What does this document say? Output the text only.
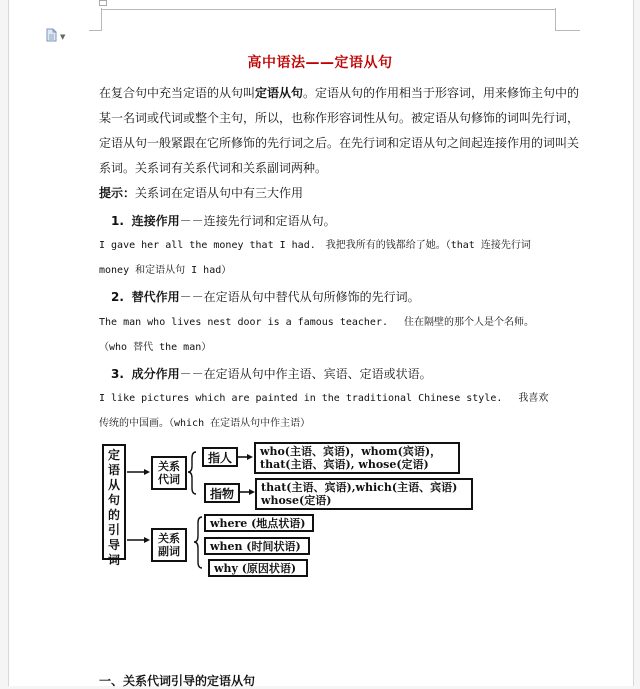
▼
高中语法——定语从句
在复合句中充当定语的从句叫定语从句。定语从句的作用相当于形容词，用来修饰主句中的
某一名词或代词或整个主句，所以，也称作形容词性从句。被定语从句修饰的词叫先行词，
定语从句一般紧跟在它所修饰的先行词之后。在先行词和定语从句之间起连接作用的词叫关
系词。关系词有关系代词和关系副词两种。
提示：关系词在定语从句中有三大作用
1. 连接作用－－连接先行词和定语从句。
I gave her all the money that I had.　我把我所有的钱都给了她。（that 连接先行词
money 和定语从句 I had）
2. 替代作用－－在定语从句中替代从句所修饰的先行词。
The man who lives nest door is a famous teacher.　 住在隔壁的那个人是个名师。
（who 替代 the man）
3. 成分作用－－在定语从句中作主语、宾语、定语或状语。
I like pictures which are painted in the traditional Chinese style.　 我喜欢
传统的中国画。（which 在定语从句中作主语）
定
语
从
句
的
引
导
词
关系
代词
关系
副词
指人
指物
who(主语、宾语)，whom(宾语)，
that(主语、宾语), whose(定语)
that(主语、宾语),which(主语、宾语)
whose(定语)
where (地点状语)
when (时间状语)
why (原因状语)
一、关系代词引导的定语从句
